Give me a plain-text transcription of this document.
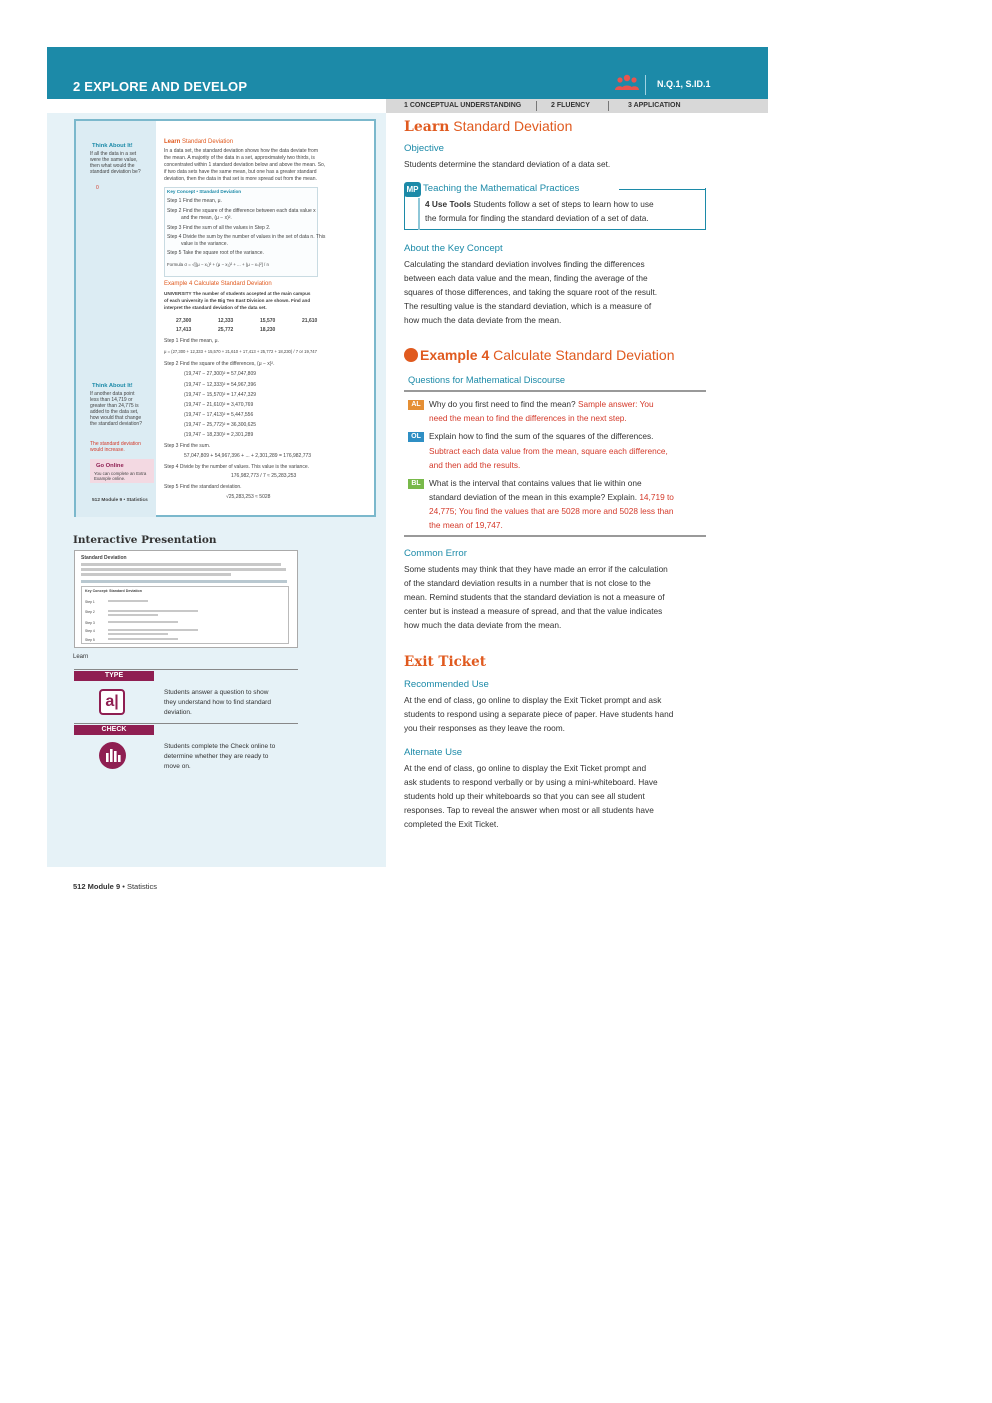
2 EXPLORE AND DEVELOP	N.Q.1, S.ID.1
1 CONCEPTUAL UNDERSTANDING	2 FLUENCY	3 APPLICATION
Think About It!
If all the data in a set
were the same value,
then what would the
standard deviation be?
0
Learn Standard Deviation
In a data set, the standard deviation shows how the data deviate from
the mean. A majority of the data in a set, approximately two thirds, is
concentrated within 1 standard deviation below and above the mean. So,
if two data sets have the same mean, but one has a greater standard
deviation, then the data in that set is more spread out from the mean.
Key Concept • Standard Deviation
Step 1 Find the mean, μ.
Step 2 Find the square of the difference between each data value x
and the mean, (μ − x)².
Step 3 Find the sum of all the values in Step 2.
Step 4 Divide the sum by the number of values in the set of data n. This
value is the variance.
Step 5 Take the square root of the variance.
Formula σ = √[(μ − x₁)² + (μ − x₂)² + ... + (μ − xₙ)²] / n
Example 4 Calculate Standard Deviation
UNIVERSITY The number of students accepted at the main campus
of each university in the Big Ten East Division are shown. Find and
interpret the standard deviation of the data set.
27,300	12,333	15,570	21,610
17,413	25,772	18,230
Step 1 Find the mean, μ.
μ = (27,300 + 12,333 + 15,570 + 21,610 + 17,413 + 25,772 + 18,230) / 7 or 19,747
Step 2 Find the square of the differences, (μ − x)².
(19,747 − 27,300)² = 57,047,809
(19,747 − 12,333)² = 54,967,396
(19,747 − 15,570)² = 17,447,329
(19,747 − 21,610)² = 3,470,769
(19,747 − 17,413)² = 5,447,556
(19,747 − 25,772)² = 36,300,625
(19,747 − 18,230)² = 2,301,289
Step 3 Find the sum.
57,047,809 + 54,967,396 + ... + 2,301,289 = 176,982,773
Step 4 Divide by the number of values. This value is the variance.
176,982,773 / 7 ≈ 25,283,253
Step 5 Find the standard deviation.
√25,283,253 ≈ 5028
Think About It!
If another data point
less than 14,719 or
greater than 24,775 is
added to the data set,
how would that change
the standard deviation?
The standard deviation
would increase.
Go Online
You can complete an Extra
Example online.
512 Module 9 • Statistics
Interactive Presentation
Standard Deviation
Key Concept: Standard Deviation
Step 1
Step 2
Step 3
Step 4
Step 5
Learn
TYPE
a|
Students answer a question to show
they understand how to find standard
deviation.
CHECK
Students complete the Check online to
determine whether they are ready to
move on.
512 Module 9 • Statistics
Learn Standard Deviation
Objective
Students determine the standard deviation of a data set.
MP Teaching the Mathematical Practices
4 Use Tools Students follow a set of steps to learn how to use
the formula for finding the standard deviation of a set of data.
About the Key Concept
Calculating the standard deviation involves finding the differences
between each data value and the mean, finding the average of the
squares of those differences, and taking the square root of the result.
The resulting value is the standard deviation, which is a measure of
how much the data deviate from the mean.
Example 4 Calculate Standard Deviation
Questions for Mathematical Discourse
AL	Why do you first need to find the mean? Sample answer: You
need the mean to find the differences in the next step.
OL Explain how to find the sum of the squares of the differences.
Subtract each data value from the mean, square each difference,
and then add the results.
BL	What is the interval that contains values that lie within one
standard deviation of the mean in this example? Explain. 14,719 to
24,775; You find the values that are 5028 more and 5028 less than
the mean of 19,747.
Common Error
Some students may think that they have made an error if the calculation
of the standard deviation results in a number that is not close to the
mean. Remind students that the standard deviation is not a measure of
center but is instead a measure of spread, and that the value indicates
how much the data deviate from the mean.
Exit Ticket
Recommended Use
At the end of class, go online to display the Exit Ticket prompt and ask
students to respond using a separate piece of paper. Have students hand
you their responses as they leave the room.
Alternate Use
At the end of class, go online to display the Exit Ticket prompt and
ask students to respond verbally or by using a mini-whiteboard. Have
students hold up their whiteboards so that you can see all student
responses. Tap to reveal the answer when most or all students have
completed the Exit Ticket.
